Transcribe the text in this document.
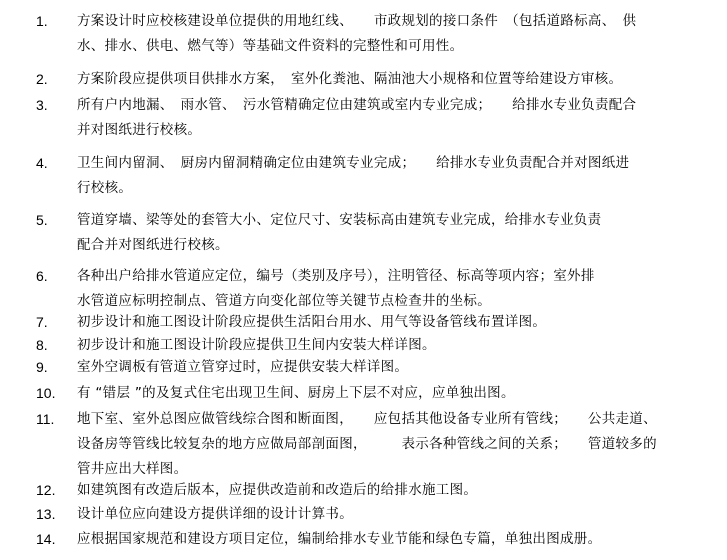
1.	方案设计时应校核建设单位提供的用地红线、　　市政规划的接口条件　（包括道路标高、　供
水、排水、供电、燃气等）等基础文件资料的完整性和可用性。
2.	方案阶段应提供项目供排水方案，　室外化粪池、隔油池大小规格和位置等给建设方审核。
3.	所有户内地漏、　雨水管、　污水管精确定位由建筑或室内专业完成；　　给排水专业负责配合
并对图纸进行校核。
4.	卫生间内留洞、　厨房内留洞精确定位由建筑专业完成；　　给排水专业负责配合并对图纸进
行校核。
5.	管道穿墙、梁等处的套管大小、定位尺寸、安装标高由建筑专业完成，给排水专业负责
配合并对图纸进行校核。
6.	各种出户给排水管道应定位，编号（类别及序号），注明管径、标高等项内容；室外排
水管道应标明控制点、管道方向变化部位等关键节点检查井的坐标。
7.	初步设计和施工图设计阶段应提供生活阳台用水、用气等设备管线布置详图。
8.	初步设计和施工图设计阶段应提供卫生间内安装大样详图。
9.	室外空调板有管道立管穿过时，应提供安装大样详图。
10.	有 “错层 ”的及复式住宅出现卫生间、厨房上下层不对应，应单独出图。
11.	地下室、室外总图应做管线综合图和断面图，　　应包括其他设备专业所有管线；　　公共走道、
设备房等管线比较复杂的地方应做局部剖面图，　　　表示各种管线之间的关系；　　管道较多的
管井应出大样图。
12.	如建筑图有改造后版本，应提供改造前和改造后的给排水施工图。
13.	设计单位应向建设方提供详细的设计计算书。
14.	应根据国家规范和建设方项目定位，编制给排水专业节能和绿色专篇，单独出图成册。
